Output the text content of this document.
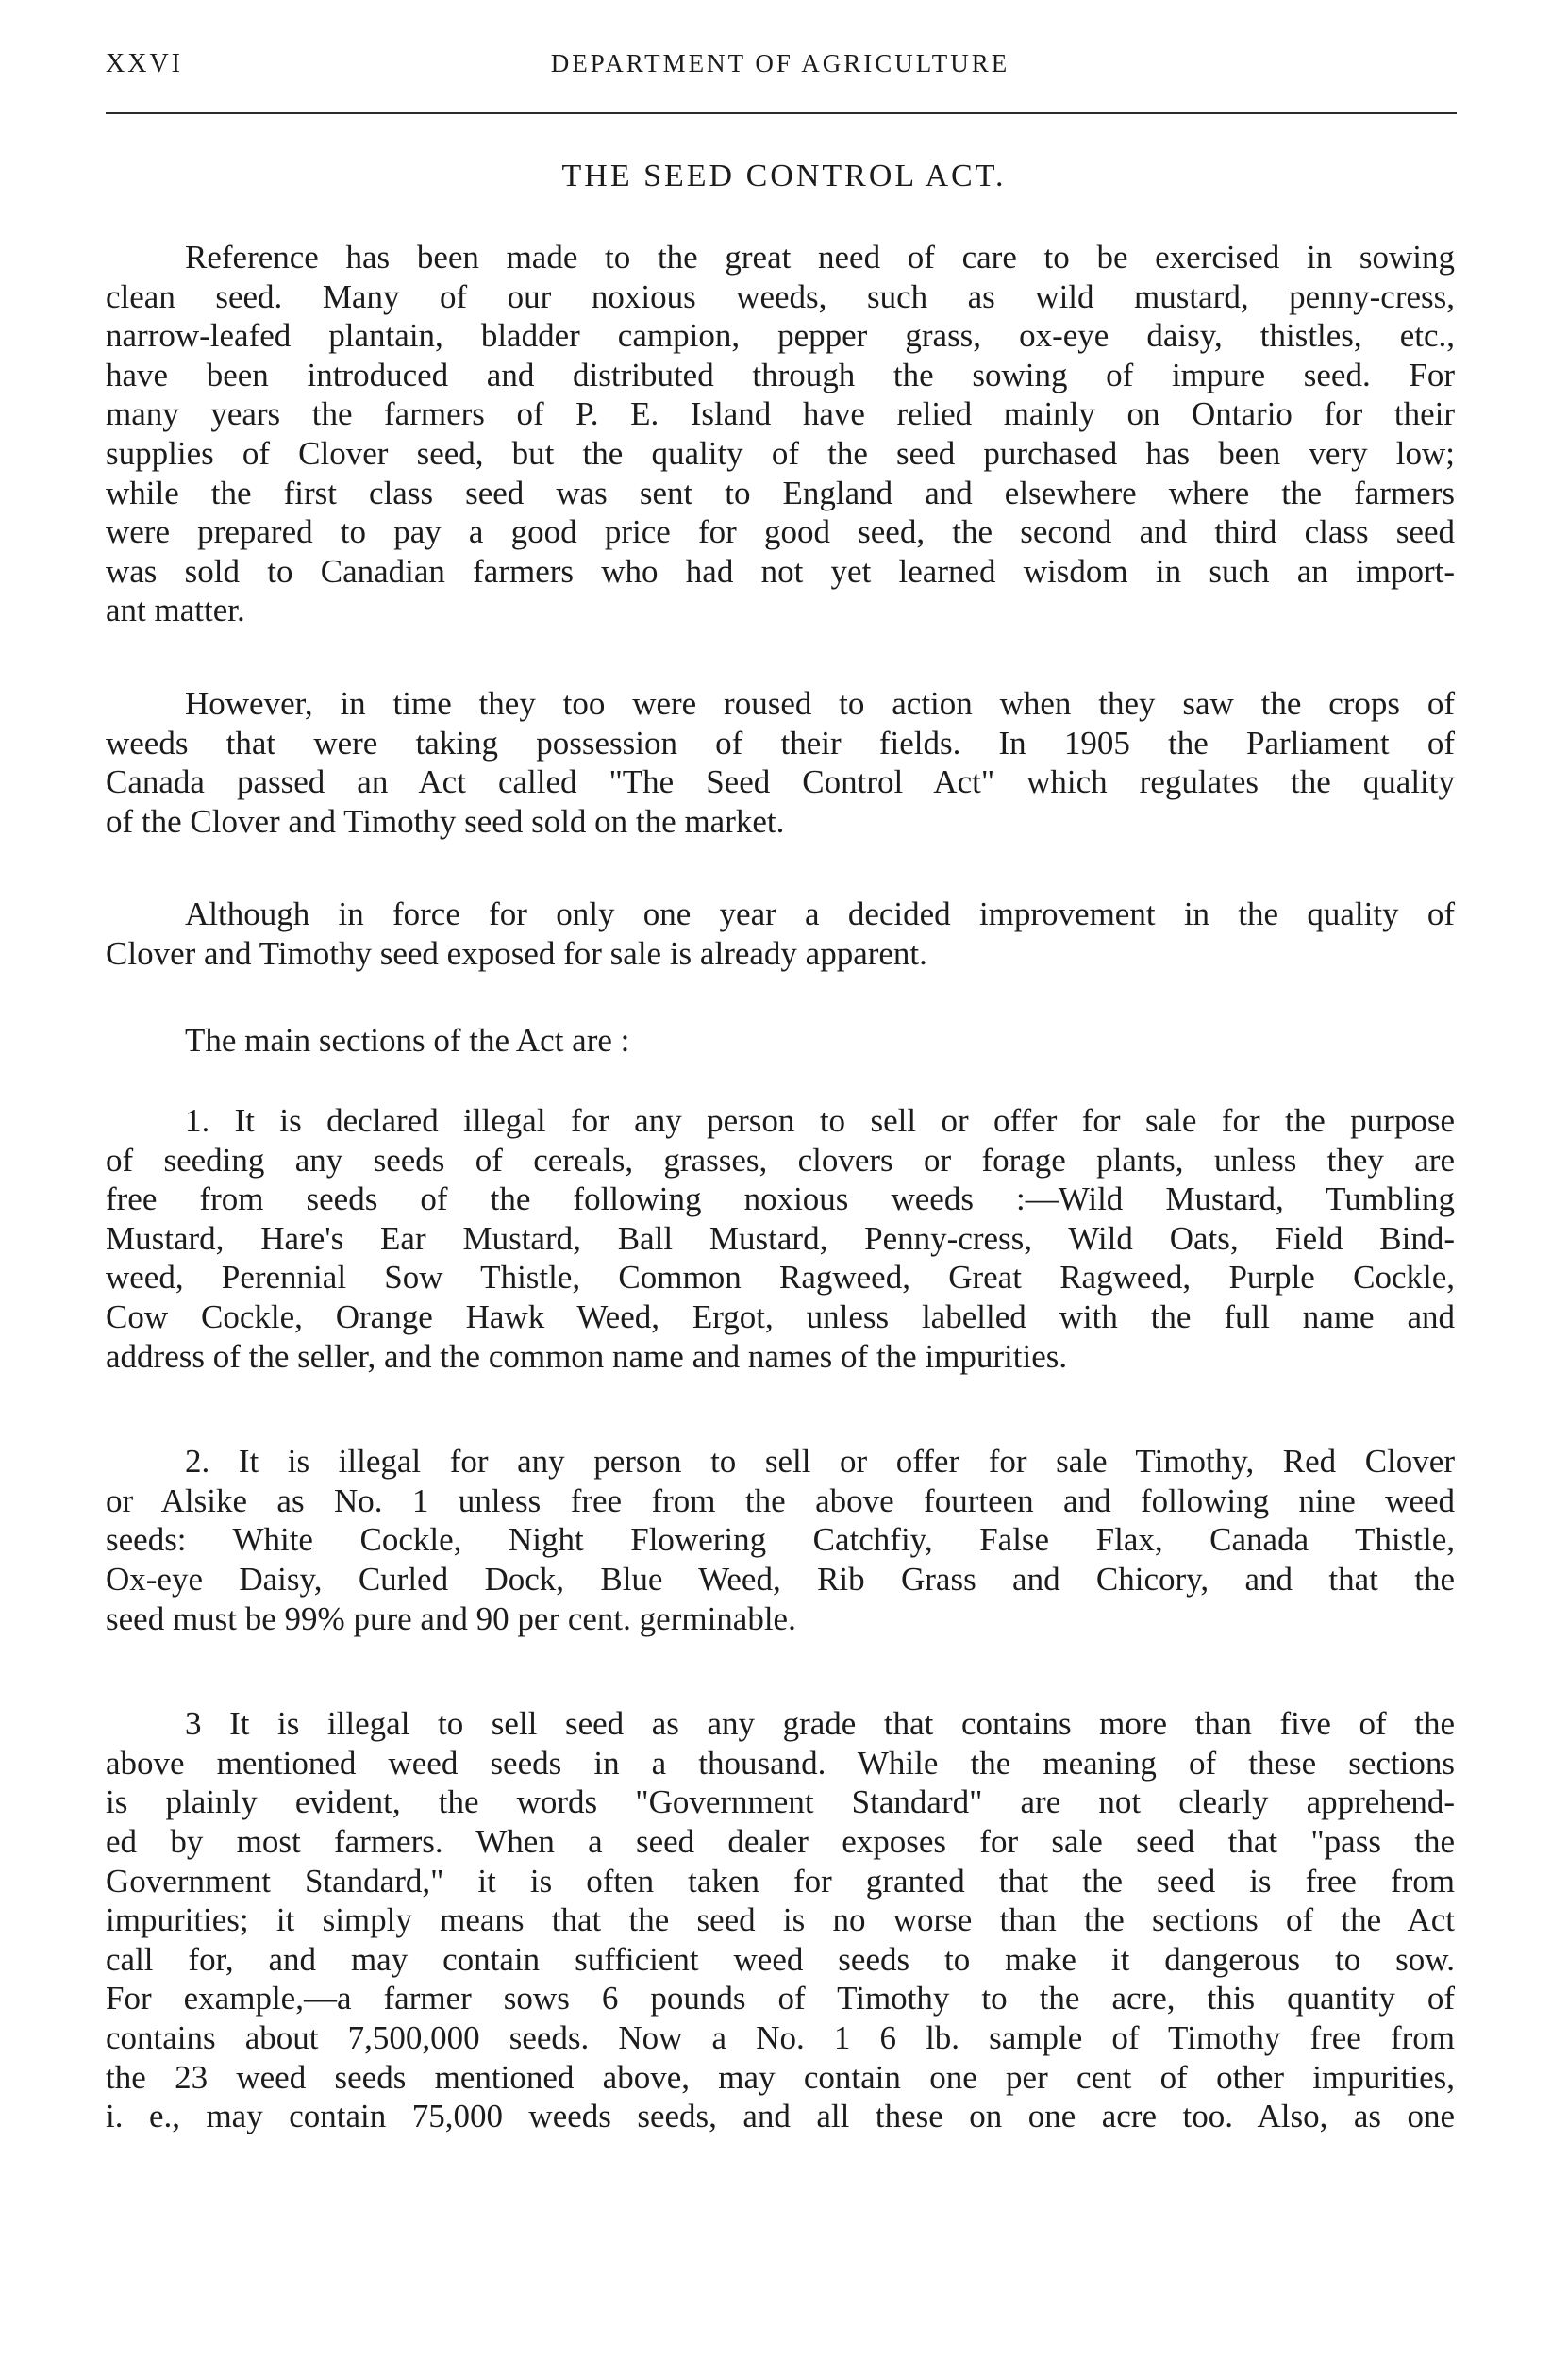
XXVI	DEPARTMENT OF AGRICULTURE
THE SEED CONTROL ACT.

Reference has been made to the great need of care to be exercised in sowing
clean seed. Many of our noxious weeds, such as wild mustard, penny-cress,
narrow-leafed plantain, bladder campion, pepper grass, ox-eye daisy, thistles, etc.,
have been introduced and distributed through the sowing of impure seed. For
many years the farmers of P. E. Island have relied mainly on Ontario for their
supplies of Clover seed, but the quality of the seed purchased has been very low;
while the first class seed was sent to England and elsewhere where the farmers
were prepared to pay a good price for good seed, the second and third class seed
was sold to Canadian farmers who had not yet learned wisdom in such an import-
ant matter.

However, in time they too were roused to action when they saw the crops of
weeds that were taking possession of their fields. In 1905 the Parliament of
Canada passed an Act called "The Seed Control Act" which regulates the quality
of the Clover and Timothy seed sold on the market.

Although in force for only one year a decided improvement in the quality of
Clover and Timothy seed exposed for sale is already apparent.

The main sections of the Act are :

1. It is declared illegal for any person to sell or offer for sale for the purpose
of seeding any seeds of cereals, grasses, clovers or forage plants, unless they are
free from seeds of the following noxious weeds :—Wild Mustard, Tumbling
Mustard, Hare's Ear Mustard, Ball Mustard, Penny-cress, Wild Oats, Field Bind-
weed, Perennial Sow Thistle, Common Ragweed, Great Ragweed, Purple Cockle,
Cow Cockle, Orange Hawk Weed, Ergot, unless labelled with the full name and
address of the seller, and the common name and names of the impurities.

2. It is illegal for any person to sell or offer for sale Timothy, Red Clover
or Alsike as No. 1 unless free from the above fourteen and following nine weed
seeds: White Cockle, Night Flowering Catchfiy, False Flax, Canada Thistle,
Ox-eye Daisy, Curled Dock, Blue Weed, Rib Grass and Chicory, and that the
seed must be 99% pure and 90 per cent. germinable.

3 It is illegal to sell seed as any grade that contains more than five of the
above mentioned weed seeds in a thousand. While the meaning of these sections
is plainly evident, the words "Government Standard" are not clearly apprehend-
ed by most farmers. When a seed dealer exposes for sale seed that "pass the
Government Standard," it is often taken for granted that the seed is free from
impurities; it simply means that the seed is no worse than the sections of the Act
call for, and may contain sufficient weed seeds to make it dangerous to sow.
For example,—a farmer sows 6 pounds of Timothy to the acre, this quantity of
contains about 7,500,000 seeds. Now a No. 1 6 lb. sample of Timothy free from
the 23 weed seeds mentioned above, may contain one per cent of other impurities,
i. e., may contain 75,000 weeds seeds, and all these on one acre too. Also, as one
